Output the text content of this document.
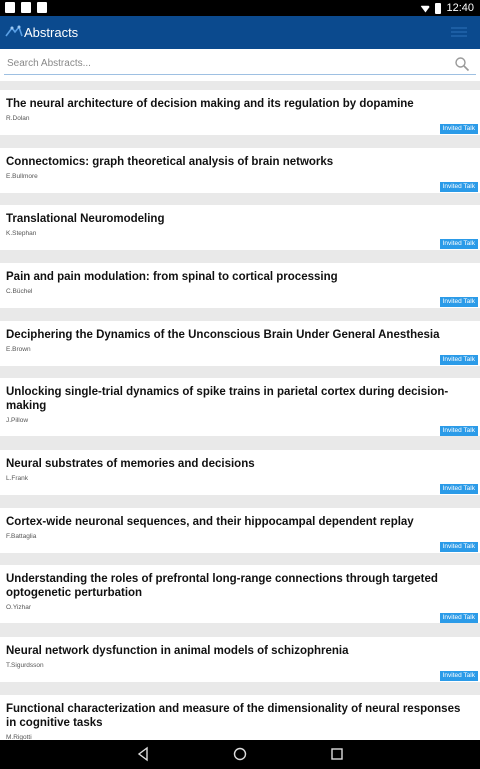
12:40
Abstracts
Search Abstracts...
The neural architecture of decision making and its regulation by dopamine
R.Dolan
Invited Talk
Connectomics: graph theoretical analysis of brain networks
E.Bullmore
Invited Talk
Translational Neuromodeling
K.Stephan
Invited Talk
Pain and pain modulation: from spinal to cortical processing
C.Büchel
Invited Talk
Deciphering the Dynamics of the Unconscious Brain Under General Anesthesia
E.Brown
Invited Talk
Unlocking single-trial dynamics of spike trains in parietal cortex during decision-making
J.Pillow
Invited Talk
Neural substrates of memories and decisions
L.Frank
Invited Talk
Cortex-wide neuronal sequences, and their hippocampal dependent replay
F.Battaglia
Invited Talk
Understanding the roles of prefrontal long-range connections through targeted optogenetic perturbation
O.Yizhar
Invited Talk
Neural network dysfunction in animal models of schizophrenia
T.Sigurdsson
Invited Talk
Functional characterization and measure of the dimensionality of neural responses in cognitive tasks
M.Rigotti
